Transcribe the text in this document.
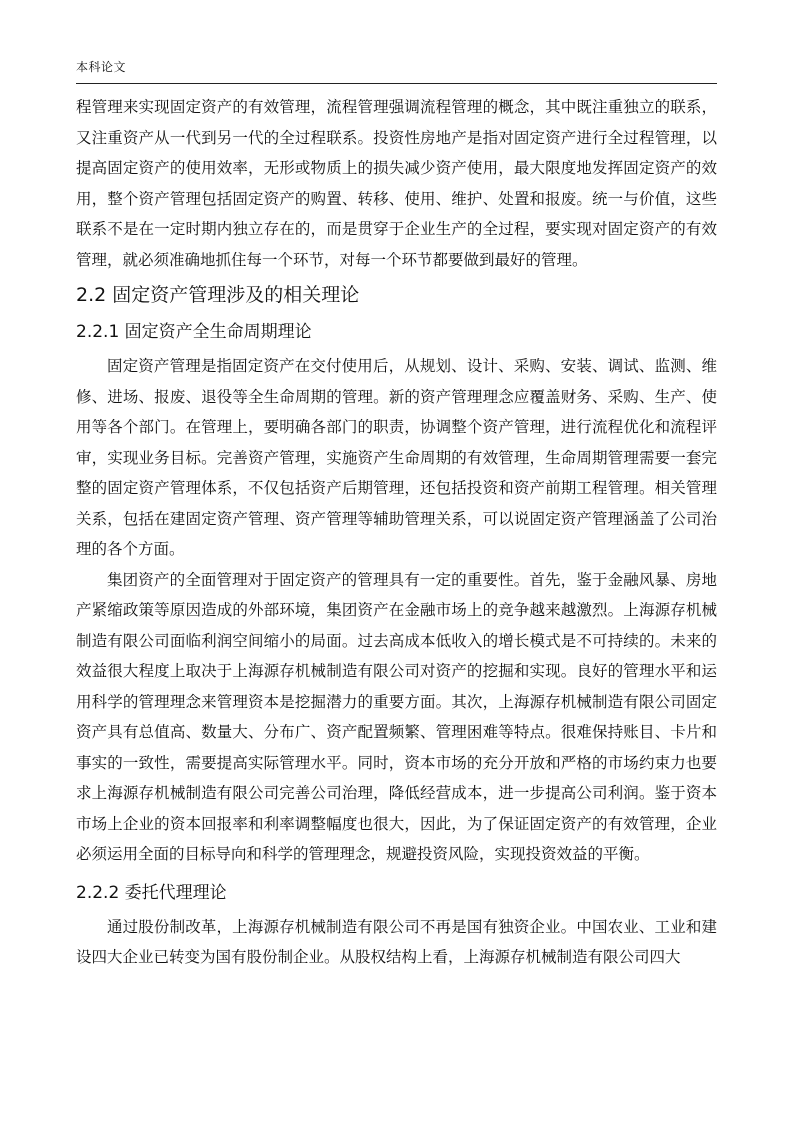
本科论文

程管理来实现固定资产的有效管理，流程管理强调流程管理的概念，其中既注重独立的联系，又注重资产从一代到另一代的全过程联系。投资性房地产是指对固定资产进行全过程管理，以提高固定资产的使用效率，无形或物质上的损失减少资产使用，最大限度地发挥固定资产的效用，整个资产管理包括固定资产的购置、转移、使用、维护、处置和报废。统一与价值，这些联系不是在一定时期内独立存在的，而是贯穿于企业生产的全过程，要实现对固定资产的有效管理，就必须准确地抓住每一个环节，对每一个环节都要做到最好的管理。

2.2 固定资产管理涉及的相关理论
2.2.1 固定资产全生命周期理论

固定资产管理是指固定资产在交付使用后，从规划、设计、采购、安装、调试、监测、维修、进场、报废、退役等全生命周期的管理。新的资产管理理念应覆盖财务、采购、生产、使用等各个部门。在管理上，要明确各部门的职责，协调整个资产管理，进行流程优化和流程评审，实现业务目标。完善资产管理，实施资产生命周期的有效管理，生命周期管理需要一套完整的固定资产管理体系，不仅包括资产后期管理，还包括投资和资产前期工程管理。相关管理关系，包括在建固定资产管理、资产管理等辅助管理关系，可以说固定资产管理涵盖了公司治理的各个方面。

集团资产的全面管理对于固定资产的管理具有一定的重要性。首先，鉴于金融风暴、房地产紧缩政策等原因造成的外部环境，集团资产在金融市场上的竞争越来越激烈。上海源存机械制造有限公司面临利润空间缩小的局面。过去高成本低收入的增长模式是不可持续的。未来的效益很大程度上取决于上海源存机械制造有限公司对资产的挖掘和实现。良好的管理水平和运用科学的管理理念来管理资本是挖掘潜力的重要方面。其次，上海源存机械制造有限公司固定资产具有总值高、数量大、分布广、资产配置频繁、管理困难等特点。很难保持账目、卡片和事实的一致性，需要提高实际管理水平。同时，资本市场的充分开放和严格的市场约束力也要求上海源存机械制造有限公司完善公司治理，降低经营成本，进一步提高公司利润。鉴于资本市场上企业的资本回报率和利率调整幅度也很大，因此，为了保证固定资产的有效管理，企业必须运用全面的目标导向和科学的管理理念，规避投资风险，实现投资效益的平衡。

2.2.2 委托代理理论

通过股份制改革，上海源存机械制造有限公司不再是国有独资企业。中国农业、工业和建设四大企业已转变为国有股份制企业。从股权结构上看，上海源存机械制造有限公司四大
